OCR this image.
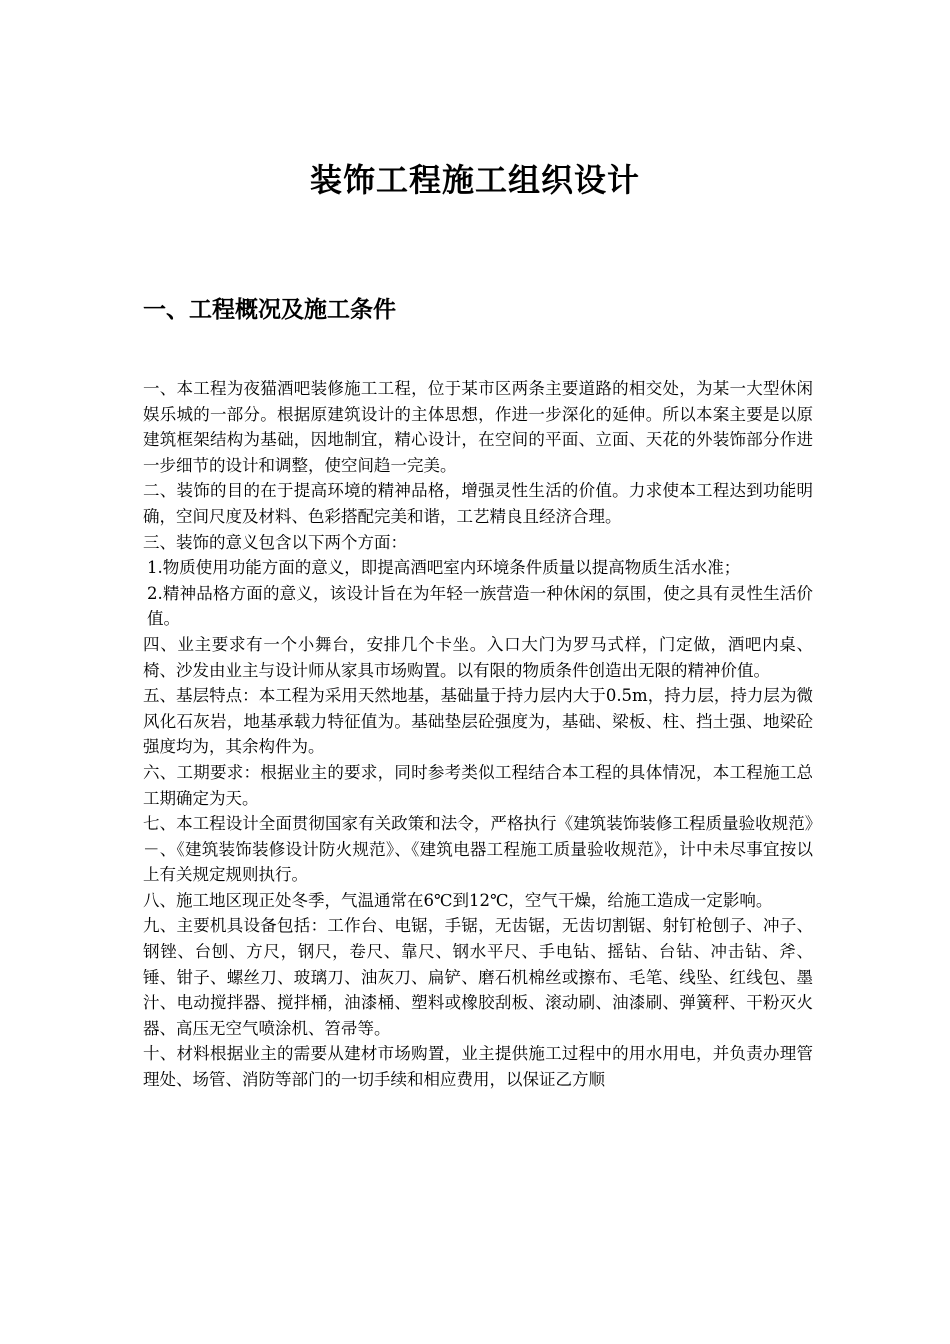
装饰工程施工组织设计
一、工程概况及施工条件

一、本工程为夜猫酒吧装修施工工程，位于某市区两条主要道路的相交处，为某一大型休闲娱乐城的一部分。根据原建筑设计的主体思想，作进一步深化的延伸。所以本案主要是以原建筑框架结构为基础，因地制宜，精心设计，在空间的平面、立面、天花的外装饰部分作进一步细节的设计和调整，使空间趋一完美。

二、装饰的目的在于提高环境的精神品格，增强灵性生活的价值。力求使本工程达到功能明确，空间尺度及材料、色彩搭配完美和谐，工艺精良且经济合理。

三、装饰的意义包含以下两个方面：

1.物质使用功能方面的意义，即提高酒吧室内环境条件质量以提高物质生活水准；

2.精神品格方面的意义，该设计旨在为年轻一族营造一种休闲的氛围，使之具有灵性生活价值。

四、业主要求有一个小舞台，安排几个卡坐。入口大门为罗马式样，门定做，酒吧内桌、椅、沙发由业主与设计师从家具市场购置。以有限的物质条件创造出无限的精神价值。

五、基层特点：本工程为采用天然地基，基础量于持力层内大于0.5m，持力层，持力层为微风化石灰岩，地基承载力特征值为。基础垫层砼强度为，基础、梁板、柱、挡土强、地梁砼强度均为，其余构件为。

六、工期要求：根据业主的要求，同时参考类似工程结合本工程的具体情况，本工程施工总工期确定为天。

七、本工程设计全面贯彻国家有关政策和法令，严格执行《建筑装饰装修工程质量验收规范》－、《建筑装饰装修设计防火规范》、《建筑电器工程施工质量验收规范》，计中未尽事宜按以上有关规定规则执行。

八、施工地区现正处冬季，气温通常在6℃到12℃，空气干燥，给施工造成一定影响。

九、主要机具设备包括：工作台、电锯，手锯，无齿锯，无齿切割锯、射钉枪刨子、冲子、钢锉、台刨、方尺，钢尺，卷尺、靠尺、钢水平尺、手电钻、摇钻、台钻、冲击钻、斧、锤、钳子、螺丝刀、玻璃刀、油灰刀、扁铲、磨石机棉丝或擦布、毛笔、线坠、红线包、墨汁、电动搅拌器、搅拌桶，油漆桶、塑料或橡胶刮板、滚动刷、油漆刷、弹簧秤、干粉灭火器、高压无空气喷涂机、笤帚等。

十、材料根据业主的需要从建材市场购置，业主提供施工过程中的用水用电，并负责办理管理处、场管、消防等部门的一切手续和相应费用，以保证乙方顺
